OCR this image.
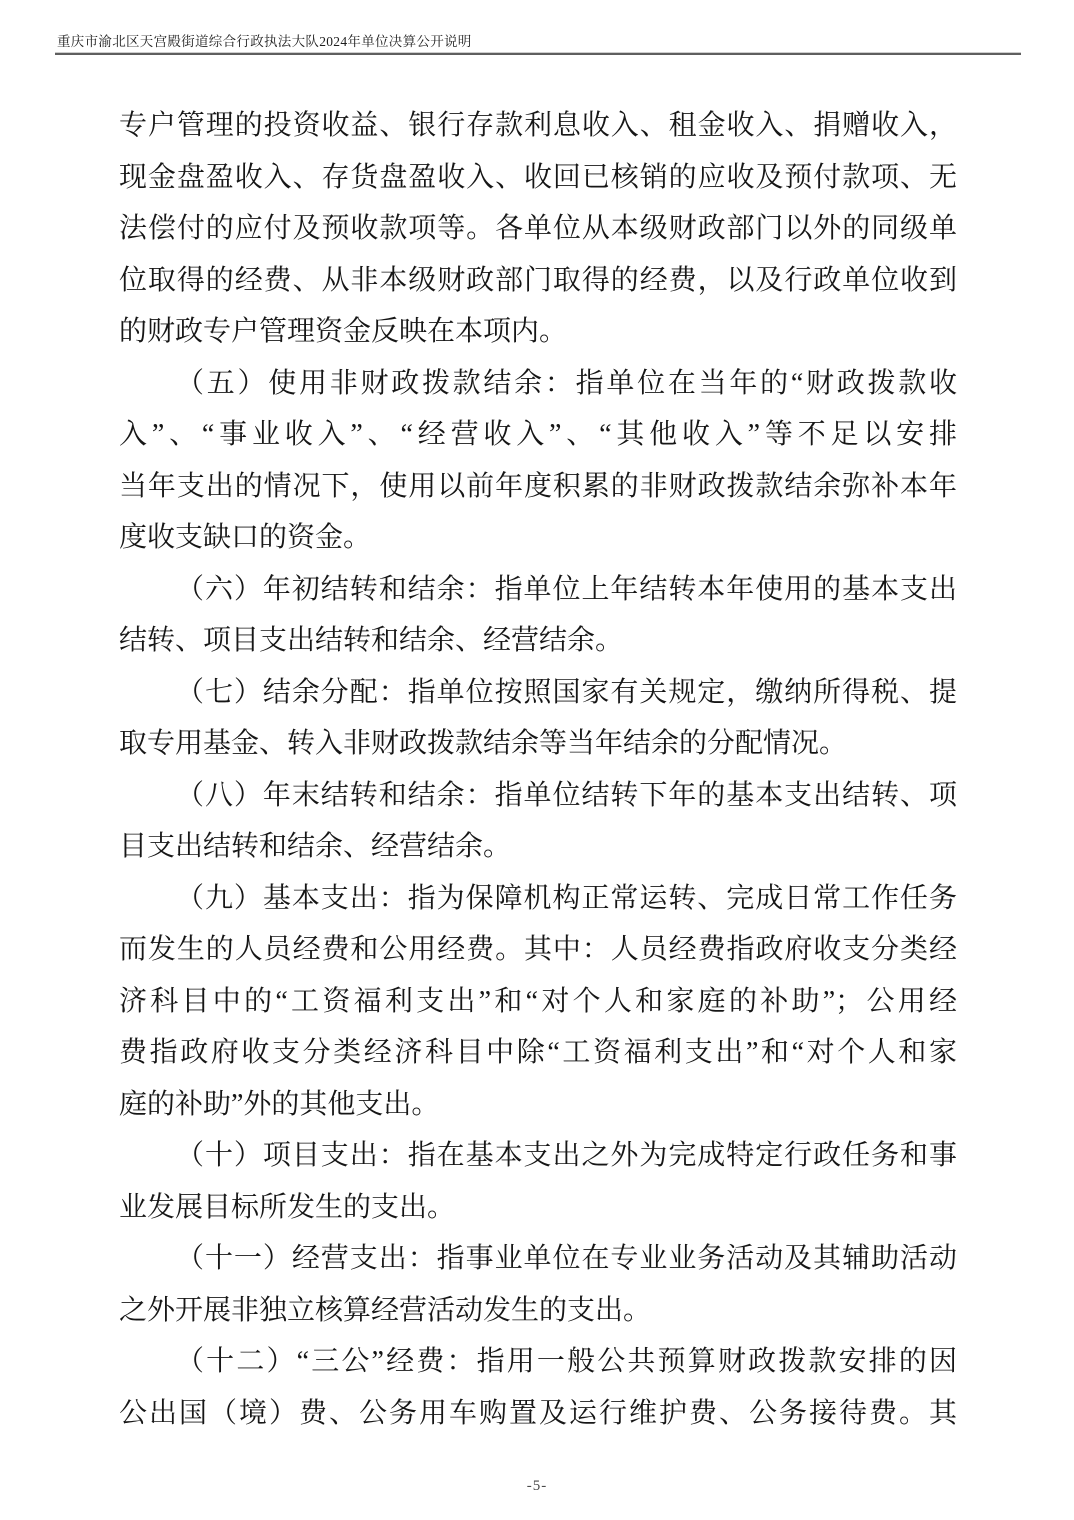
重庆市渝北区天宫殿街道综合行政执法大队2024年单位决算公开说明
专户管理的投资收益、银行存款利息收入、租金收入、捐赠收入，
现金盘盈收入、存货盘盈收入、收回已核销的应收及预付款项、无
法偿付的应付及预收款项等。各单位从本级财政部门以外的同级单
位取得的经费、从非本级财政部门取得的经费，以及行政单位收到
的财政专户管理资金反映在本项内。
（五）使用非财政拨款结余：指单位在当年的“财政拨款收
入”、“事业收入”、“经营收入”、“其他收入”等不足以安排
当年支出的情况下，使用以前年度积累的非财政拨款结余弥补本年
度收支缺口的资金。
（六）年初结转和结余：指单位上年结转本年使用的基本支出
结转、项目支出结转和结余、经营结余。
（七）结余分配：指单位按照国家有关规定，缴纳所得税、提
取专用基金、转入非财政拨款结余等当年结余的分配情况。
（八）年末结转和结余：指单位结转下年的基本支出结转、项
目支出结转和结余、经营结余。
（九）基本支出：指为保障机构正常运转、完成日常工作任务
而发生的人员经费和公用经费。其中：人员经费指政府收支分类经
济科目中的“工资福利支出”和“对个人和家庭的补助”；公用经
费指政府收支分类经济科目中除“工资福利支出”和“对个人和家
庭的补助”外的其他支出。
（十）项目支出：指在基本支出之外为完成特定行政任务和事
业发展目标所发生的支出。
（十一）经营支出：指事业单位在专业业务活动及其辅助活动
之外开展非独立核算经营活动发生的支出。
（十二）“三公”经费：指用一般公共预算财政拨款安排的因
公出国（境）费、公务用车购置及运行维护费、公务接待费。其
-5-
